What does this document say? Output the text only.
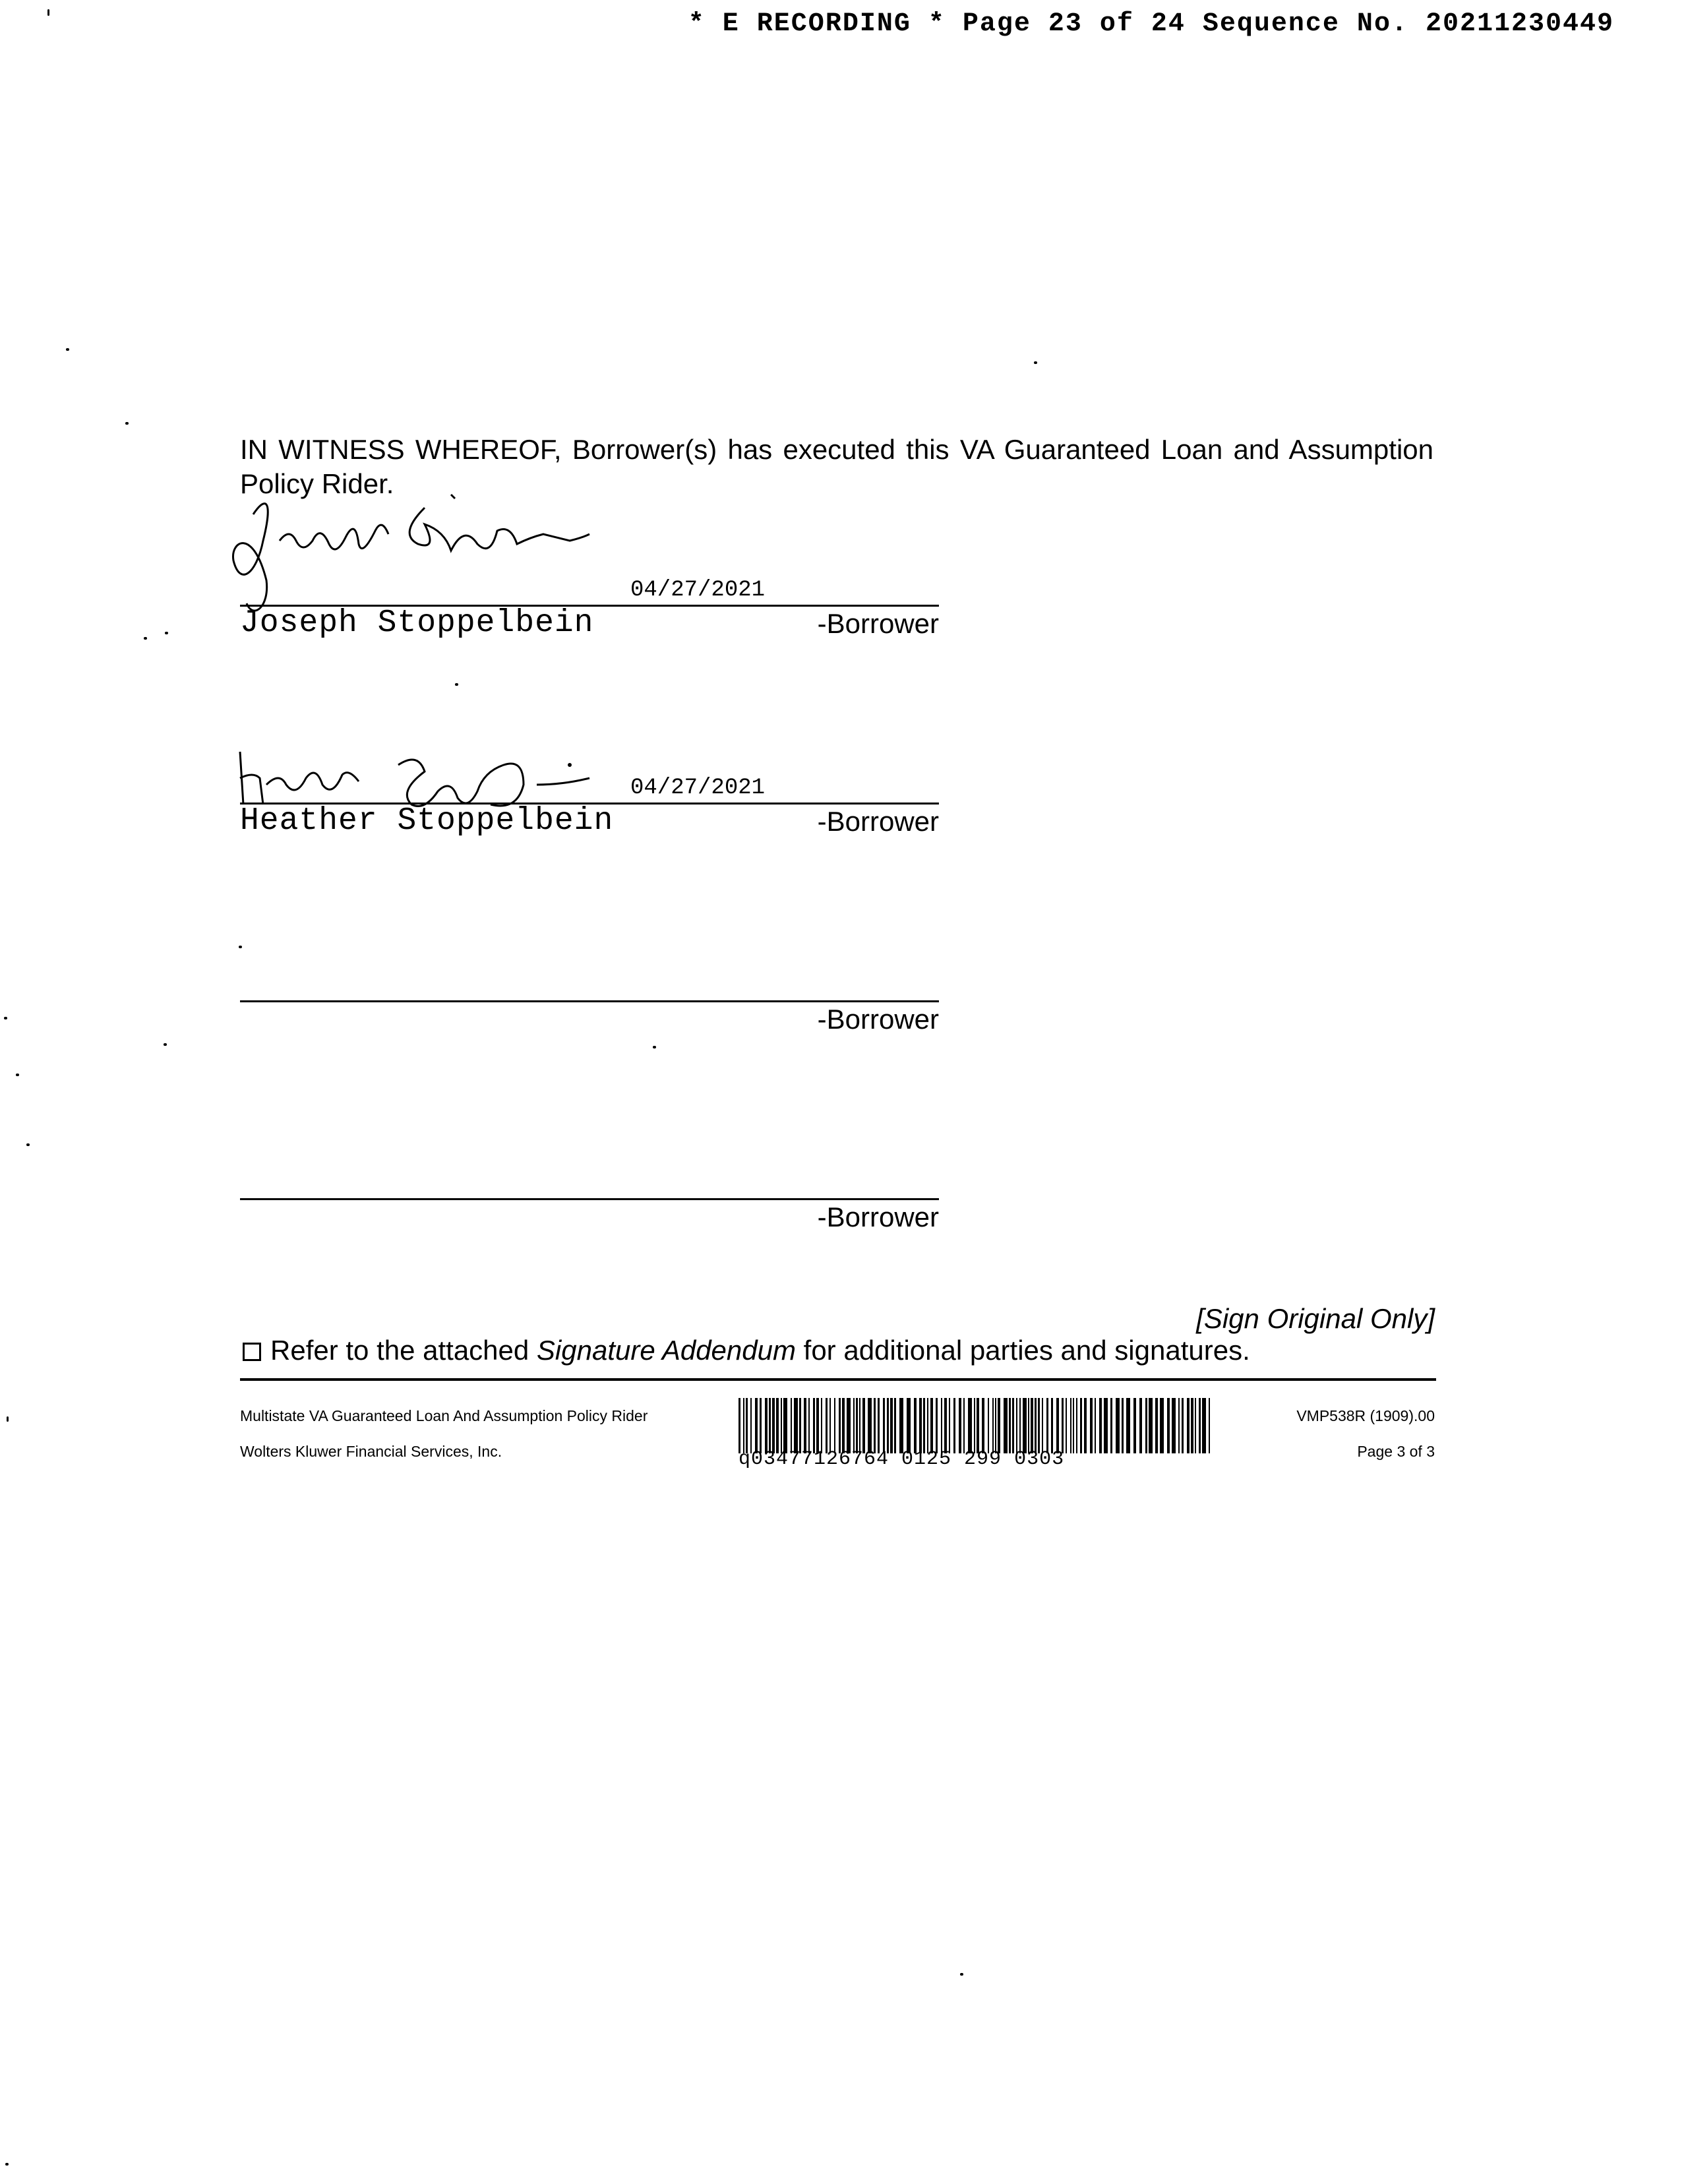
* E RECORDING * Page 23 of 24 Sequence No. 20211230449
IN WITNESS WHEREOF, Borrower(s) has executed this VA Guaranteed Loan and Assumption Policy Rider.
04/27/2021
Joseph Stoppelbein	-Borrower
04/27/2021
Heather Stoppelbein	-Borrower
-Borrower
-Borrower
[Sign Original Only]
Refer to the attached Signature Addendum for additional parties and signatures.
Multistate VA Guaranteed Loan And Assumption Policy Rider
Wolters Kluwer Financial Services, Inc.	q03477126764 0125 299 0303
VMP538R (1909).00
Page 3 of 3
